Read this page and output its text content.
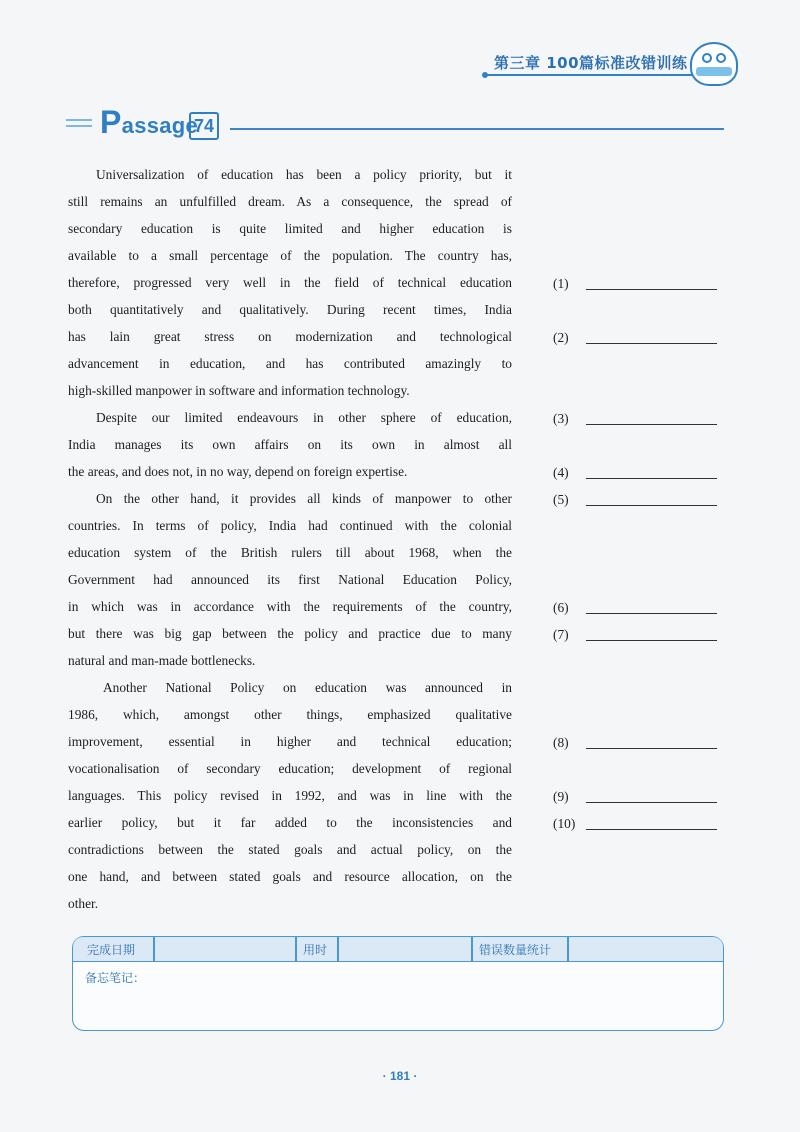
第三章 100篇标准改错训练
Passage
74
Universalization of education has been a policy priority, but it
still remains an unfulfilled dream. As a consequence, the spread of
secondary education is quite limited and higher education is
available to a small percentage of the population. The country has,
therefore, progressed very well in the field of technical education
both quantitatively and qualitatively. During recent times, India
has lain great stress on modernization and technological
advancement in education, and has contributed amazingly to
high-skilled manpower in software and information technology.
Despite our limited endeavours in other sphere of education,
India manages its own affairs on its own in almost all
the areas, and does not, in no way, depend on foreign expertise.
On the other hand, it provides all kinds of manpower to other
countries. In terms of policy, India had continued with the colonial
education system of the British rulers till about 1968, when the
Government had announced its first National Education Policy,
in which was in accordance with the requirements of the country,
but there was big gap between the policy and practice due to many
natural and man-made bottlenecks.
Another National Policy on education was announced in
1986, which, amongst other things, emphasized qualitative
improvement, essential in higher and technical education;
vocationalisation of secondary education; development of regional
languages. This policy revised in 1992, and was in line with the
earlier policy, but it far added to the inconsistencies and
contradictions between the stated goals and actual policy, on the
one hand, and between stated goals and resource allocation, on the
other.
(1)
(2)
(3)
(4)
(5)
(6)
(7)
(8)
(9)
(10)
完成日期	用时	错误数量统计
备忘笔记：
· 181 ·
